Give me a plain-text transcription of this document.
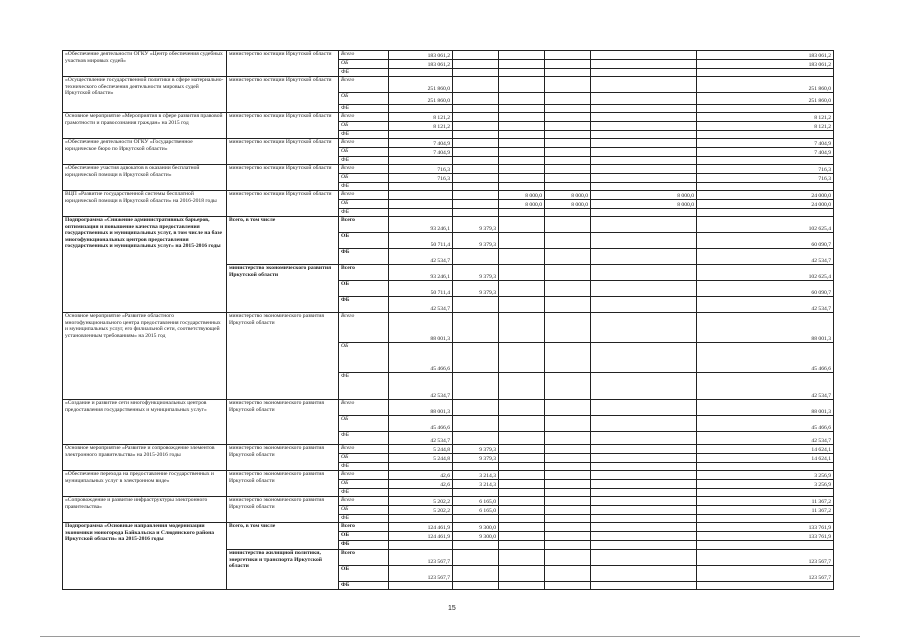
«Обеспечение деятельности ОГКУ «Центр обеспечения судебных участков мировых судей»	министерство юстиции Иркутской области	Всего	183 061,2					183 061,2
		ОБ	183 061,2					183 061,2
		ФБ						
«Осуществление государственной политики в сфере материально-технического обеспечения деятельности мировых судей Иркутской области»	министерство юстиции Иркутской области	Всего	251 860,0					251 860,0
		ОБ	251 860,0					251 860,0
		ФБ						
Основное мероприятие «Мероприятия в сфере развития правовой грамотности и правосознания граждан» на 2015 год	министерство юстиции Иркутской области	Всего	8 121,2					8 121,2
		ОБ	8 121,2					8 121,2
		ФБ						
«Обеспечение деятельности ОГКУ «Государственное юридическое бюро по Иркутской области»	министерство юстиции Иркутской области	Всего	7 404,9					7 404,9
		ОБ	7 404,9					7 404,9
		ФБ						
«Обеспечение участия адвокатов в оказании бесплатной юридической помощи в Иркутской области»	министерство юстиции Иркутской области	Всего	716,3					716,3
		ОБ	716,3					716,3
		ФБ						
ВЦП «Развитие государственной системы бесплатной юридической помощи в Иркутской области» на 2016-2018 годы	министерство юстиции Иркутской области	Всего			8 000,0	8 000,0	8 000,0	24 000,0
		ОБ			8 000,0	8 000,0	8 000,0	24 000,0
		ФБ						
Подпрограмма «Снижение административных барьеров, оптимизация и повышение качества предоставления государственных и муниципальных услуг, в том числе на базе многофункциональных центров предоставления государственных и муниципальных услуг» на 2015-2016 годы	Всего, в том числе	Всего	93 246,1	9 379,3				102 625,4
		ОБ	50 711,4	9 379,3				60 090,7
		ФБ	42 534,7					42 534,7
	министерство экономического развития Иркутской области	Всего	93 246,1	9 379,3				102 625,4
		ОБ	50 711,4	9 379,3				60 090,7
		ФБ	42 534,7					42 534,7
Основное мероприятие «Развитие областного многофункционального центра предоставления государственных и муниципальных услуг, его филиальной сети, соответствующей установленным требованиям» на 2015 год	министерство экономического развития Иркутской области	Всего	88 001,3					88 001,3
		ОБ	45 466,6					45 466,6
		ФБ	42 534,7					42 534,7
«Создание и развитие сети многофункциональных центров предоставления государственных и муниципальных услуг»	министерство экономического развития Иркутской области	Всего	88 001,3					88 001,3
		ОБ	45 466,6					45 466,6
		ФБ	42 534,7					42 534,7
Основное мероприятие «Развитие и сопровождение элементов электронного правительства» на 2015-2016 годы	министерство экономического развития Иркутской области	Всего	5 244,8	9 379,3				14 624,1
		ОБ	5 244,8	9 379,3				14 624,1
		ФБ						
«Обеспечение перехода на предоставление государственных и муниципальных услуг в электронном виде»	министерство экономического развития Иркутской области	Всего	42,6	3 214,3				3 256,9
		ОБ	42,6	3 214,3				3 256,9
		ФБ						
«Сопровождение и развитие инфраструктуры электронного правительства»	министерство экономического развития Иркутской области	Всего	5 202,2	6 165,0				11 367,2
		ОБ	5 202,2	6 165,0				11 367,2
		ФБ						
Подпрограмма «Основные направления модернизации экономики моногорода Байкальска и Слюдянского района Иркутской области» на 2015-2016 годы	Всего, в том числе	Всего	124 461,9	9 300,0				133 761,9
		ОБ	124 461,9	9 300,0				133 761,9
		ФБ						
	министерство жилищной политики, энергетики и транспорта Иркутской области	Всего	123 567,7					123 567,7
		ОБ	123 567,7					123 567,7
		ФБ						
15
